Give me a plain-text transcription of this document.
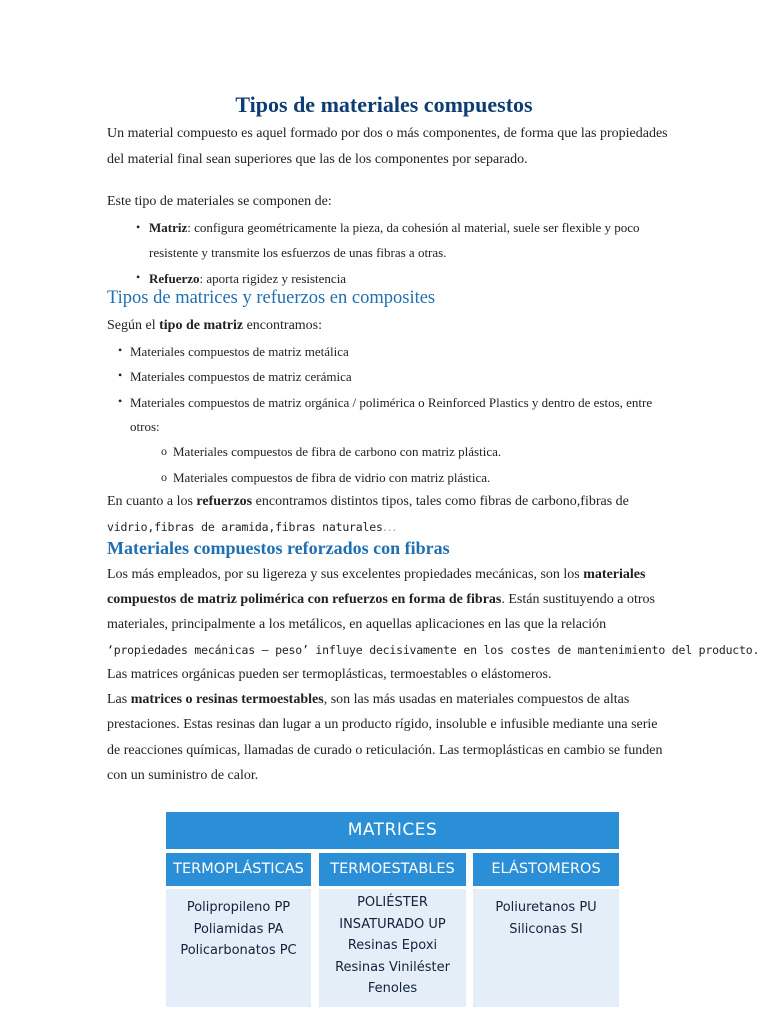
Tipos de materiales compuestos
Un material compuesto es aquel formado por dos o más componentes, de forma que las propiedades
del material final sean superiores que las de los componentes por separado.
Este tipo de materiales se componen de:
• Matriz: configura geométricamente la pieza, da cohesión al material, suele ser flexible y poco
resistente y transmite los esfuerzos de unas fibras a otras.
• Refuerzo: aporta rigidez y resistencia
Tipos de matrices y refuerzos en composites
Según el tipo de matriz encontramos:
• Materiales compuestos de matriz metálica
• Materiales compuestos de matriz cerámica
• Materiales compuestos de matriz orgánica / polimérica o Reinforced Plastics y dentro de estos, entre
otros:
o Materiales compuestos de fibra de carbono con matriz plástica.
o Materiales compuestos de fibra de vidrio con matriz plástica.
En cuanto a los refuerzos encontramos distintos tipos, tales como fibras de carbono,fibras de
vidrio,fibras de aramida,fibras naturales…
Materiales compuestos reforzados con fibras
Los más empleados, por su ligereza y sus excelentes propiedades mecánicas, son los materiales
compuestos de matriz polimérica con refuerzos en forma de fibras. Están sustituyendo a otros
materiales, principalmente a los metálicos, en aquellas aplicaciones en las que la relación
‘propiedades mecánicas – peso’ influye decisivamente en los costes de mantenimiento del producto.
Las matrices orgánicas pueden ser termoplásticas, termoestables o elástomeros.
Las matrices o resinas termoestables, son las más usadas en materiales compuestos de altas
prestaciones. Estas resinas dan lugar a un producto rígido, insoluble e infusible mediante una serie
de reacciones químicas, llamadas de curado o reticulación. Las termoplásticas en cambio se funden
con un suministro de calor.
MATRICES
TERMOPLÁSTICAS
Polipropileno PP
Poliamidas PA
Policarbonatos PC
TERMOESTABLES
POLIÉSTER
INSATURADO UP
Resinas Epoxi
Resinas Viniléster
Fenoles
ELÁSTOMEROS
Poliuretanos PU
Siliconas SI
